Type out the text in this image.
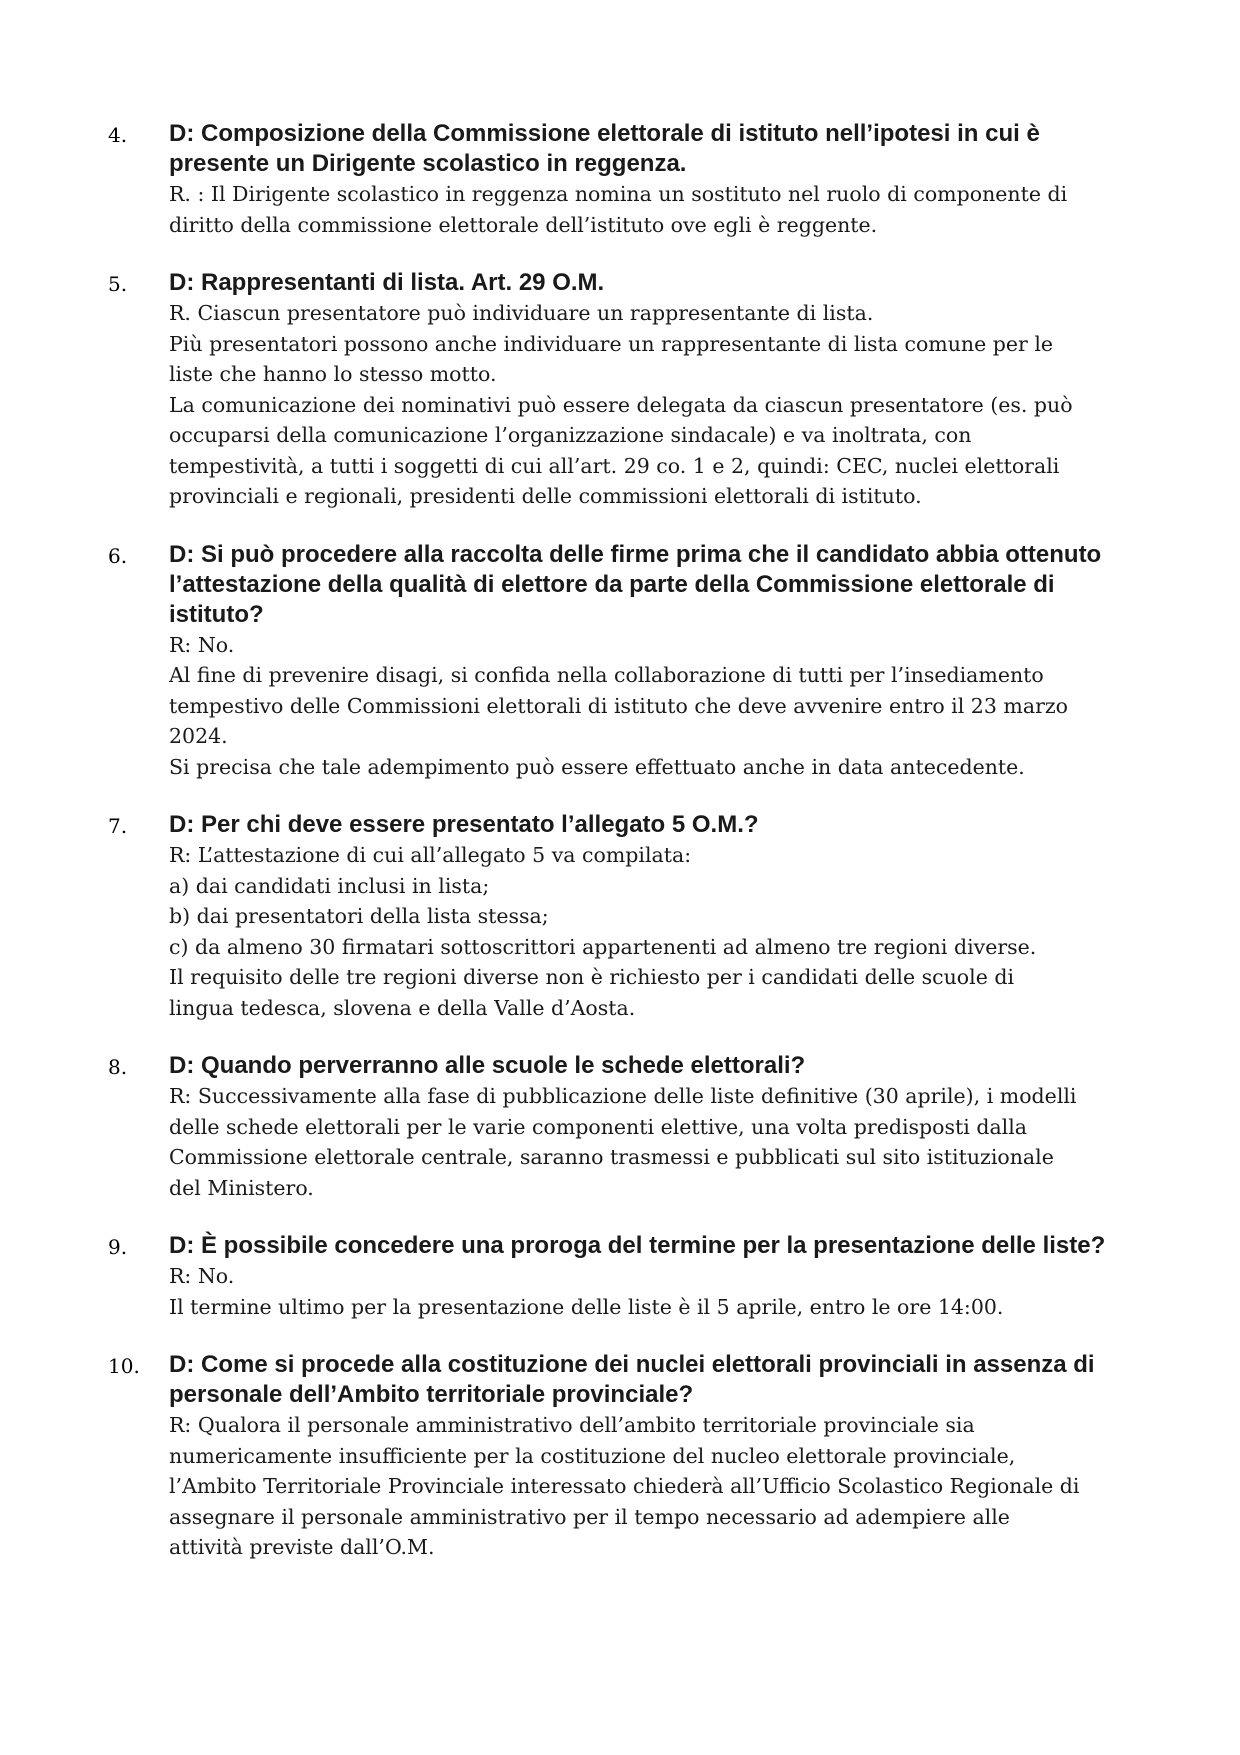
4. D: Composizione della Commissione elettorale di istituto nell’ipotesi in cui è presente un Dirigente scolastico in reggenza.

R. : Il Dirigente scolastico in reggenza nomina un sostituto nel ruolo di componente di

diritto della commissione elettorale dell’istituto ove egli è reggente.

5. D: Rappresentanti di lista. Art. 29 O.M.

R. Ciascun presentatore può individuare un rappresentante di lista.

Più presentatori possono anche individuare un rappresentante di lista comune per le

liste che hanno lo stesso motto.

La comunicazione dei nominativi può essere delegata da ciascun presentatore (es. può

occuparsi della comunicazione l’organizzazione sindacale) e va inoltrata, con

tempestività, a tutti i soggetti di cui all’art. 29 co. 1 e 2, quindi: CEC, nuclei elettorali

provinciali e regionali, presidenti delle commissioni elettorali di istituto.

6. D: Si può procedere alla raccolta delle firme prima che il candidato abbia ottenuto l’attestazione della qualità di elettore da parte della Commissione elettorale di istituto?

R: No.

Al fine di prevenire disagi, si confida nella collaborazione di tutti per l’insediamento

tempestivo delle Commissioni elettorali di istituto che deve avvenire entro il 23 marzo

2024.

Si precisa che tale adempimento può essere effettuato anche in data antecedente.

7. D: Per chi deve essere presentato l’allegato 5 O.M.?

R: L’attestazione di cui all’allegato 5 va compilata:

a) dai candidati inclusi in lista;

b) dai presentatori della lista stessa;

c) da almeno 30 firmatari sottoscrittori appartenenti ad almeno tre regioni diverse.

Il requisito delle tre regioni diverse non è richiesto per i candidati delle scuole di

lingua tedesca, slovena e della Valle d’Aosta.

8. D: Quando perverranno alle scuole le schede elettorali?

R: Successivamente alla fase di pubblicazione delle liste definitive (30 aprile), i modelli

delle schede elettorali per le varie componenti elettive, una volta predisposti dalla

Commissione elettorale centrale, saranno trasmessi e pubblicati sul sito istituzionale

del Ministero.

9. D: È possibile concedere una proroga del termine per la presentazione delle liste?

R: No.

Il termine ultimo per la presentazione delle liste è il 5 aprile, entro le ore 14:00.

10. D: Come si procede alla costituzione dei nuclei elettorali provinciali in assenza di personale dell’Ambito territoriale provinciale?

R: Qualora il personale amministrativo dell’ambito territoriale provinciale sia

numericamente insufficiente per la costituzione del nucleo elettorale provinciale,

l’Ambito Territoriale Provinciale interessato chiederà all’Ufficio Scolastico Regionale di

assegnare il personale amministrativo per il tempo necessario ad adempiere alle

attività previste dall’O.M.
